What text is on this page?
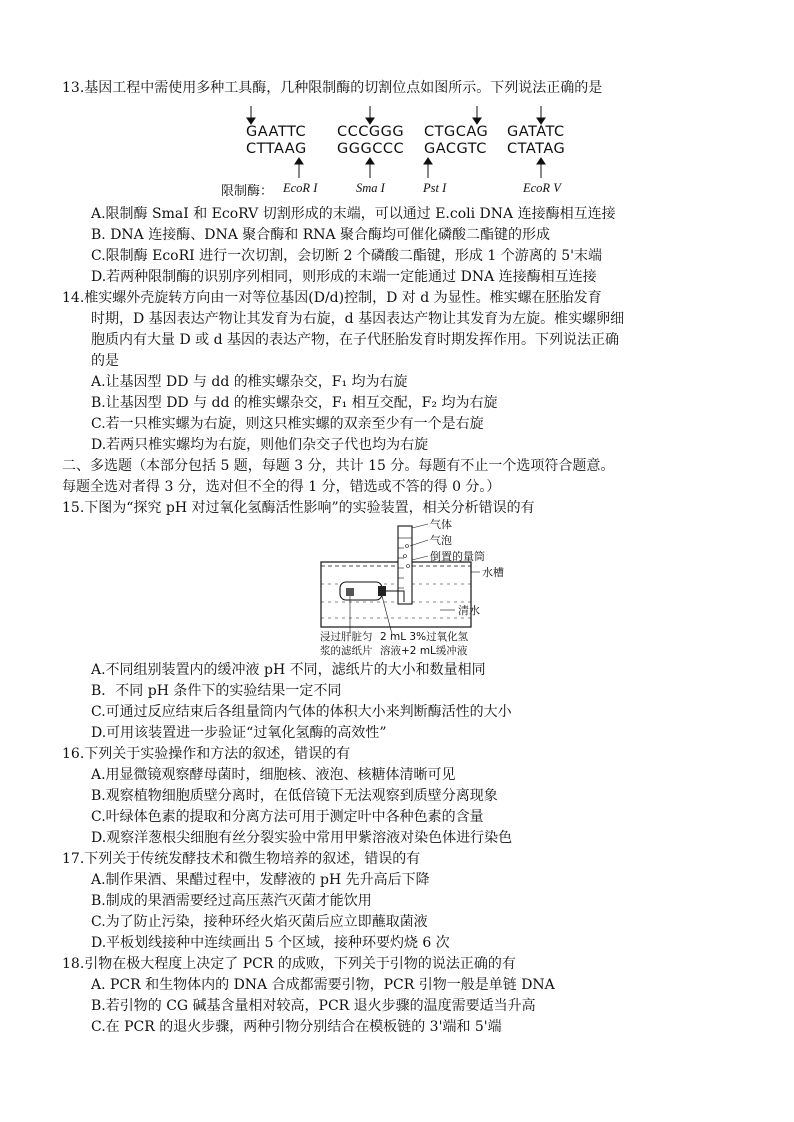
13.基因工程中需使用多种工具酶，几种限制酶的切割位点如图所示。下列说法正确的是
GAATTC CCCGGG CTGCAG GATATC
CTTAAG GGGCCC GACGTC CTATAG
限制酶： EcoR I	Sma I	Pst I	EcoR V
A.限制酶 SmaI 和 EcoRV 切割形成的末端，可以通过 E.coli DNA 连接酶相互连接
B. DNA 连接酶、DNA 聚合酶和 RNA 聚合酶均可催化磷酸二酯键的形成
C.限制酶 EcoRI 进行一次切割，会切断 2 个磷酸二酯键，形成 1 个游离的 5'末端
D.若两种限制酶的识别序列相同，则形成的末端一定能通过 DNA 连接酶相互连接
14.椎实螺外壳旋转方向由一对等位基因(D/d)控制，D 对 d 为显性。椎实螺在胚胎发育
时期，D 基因表达产物让其发育为右旋，d 基因表达产物让其发育为左旋。椎实螺卵细
胞质内有大量 D 或 d 基因的表达产物，在子代胚胎发育时期发挥作用。下列说法正确
的是
A.让基因型 DD 与 dd 的椎实螺杂交，F₁ 均为右旋
B.让基因型 DD 与 dd 的椎实螺杂交，F₁ 相互交配，F₂ 均为右旋
C.若一只椎实螺为右旋，则这只椎实螺的双亲至少有一个是右旋
D.若两只椎实螺均为右旋，则他们杂交子代也均为右旋
二、多选题（本部分包括 5 题，每题 3 分，共计 15 分。每题有不止一个选项符合题意。
每题全选对者得 3 分，选对但不全的得 1 分，错选或不答的得 0 分。）
15.下图为“探究 pH 对过氧化氢酶活性影响”的实验装置，相关分析错误的有
气体
气泡
倒置的量筒
水槽
清水
浸过肝脏匀
浆的滤纸片
2 mL 3%过氧化氢
溶液+2 mL缓冲液
A.不同组别装置内的缓冲液 pH 不同，滤纸片的大小和数量相同
B．不同 pH 条件下的实验结果一定不同
C.可通过反应结束后各组量筒内气体的体积大小来判断酶活性的大小
D.可用该装置进一步验证“过氧化氢酶的高效性”
16.下列关于实验操作和方法的叙述，错误的有
A.用显微镜观察酵母菌时，细胞核、液泡、核糖体清晰可见
B.观察植物细胞质壁分离时，在低倍镜下无法观察到质壁分离现象
C.叶绿体色素的提取和分离方法可用于测定叶中各种色素的含量
D.观察洋葱根尖细胞有丝分裂实验中常用甲紫溶液对染色体进行染色
17.下列关于传统发酵技术和微生物培养的叙述，错误的有
A.制作果酒、果醋过程中，发酵液的 pH 先升高后下降
B.制成的果酒需要经过高压蒸汽灭菌才能饮用
C.为了防止污染，接种环经火焰灭菌后应立即蘸取菌液
D.平板划线接种中连续画出 5 个区域，接种环要灼烧 6 次
18.引物在极大程度上决定了 PCR 的成败，下列关于引物的说法正确的有
A. PCR 和生物体内的 DNA 合成都需要引物，PCR 引物一般是单链 DNA
B.若引物的 CG 碱基含量相对较高，PCR 退火步骤的温度需要适当升高
C.在 PCR 的退火步骤，两种引物分别结合在模板链的 3'端和 5'端
